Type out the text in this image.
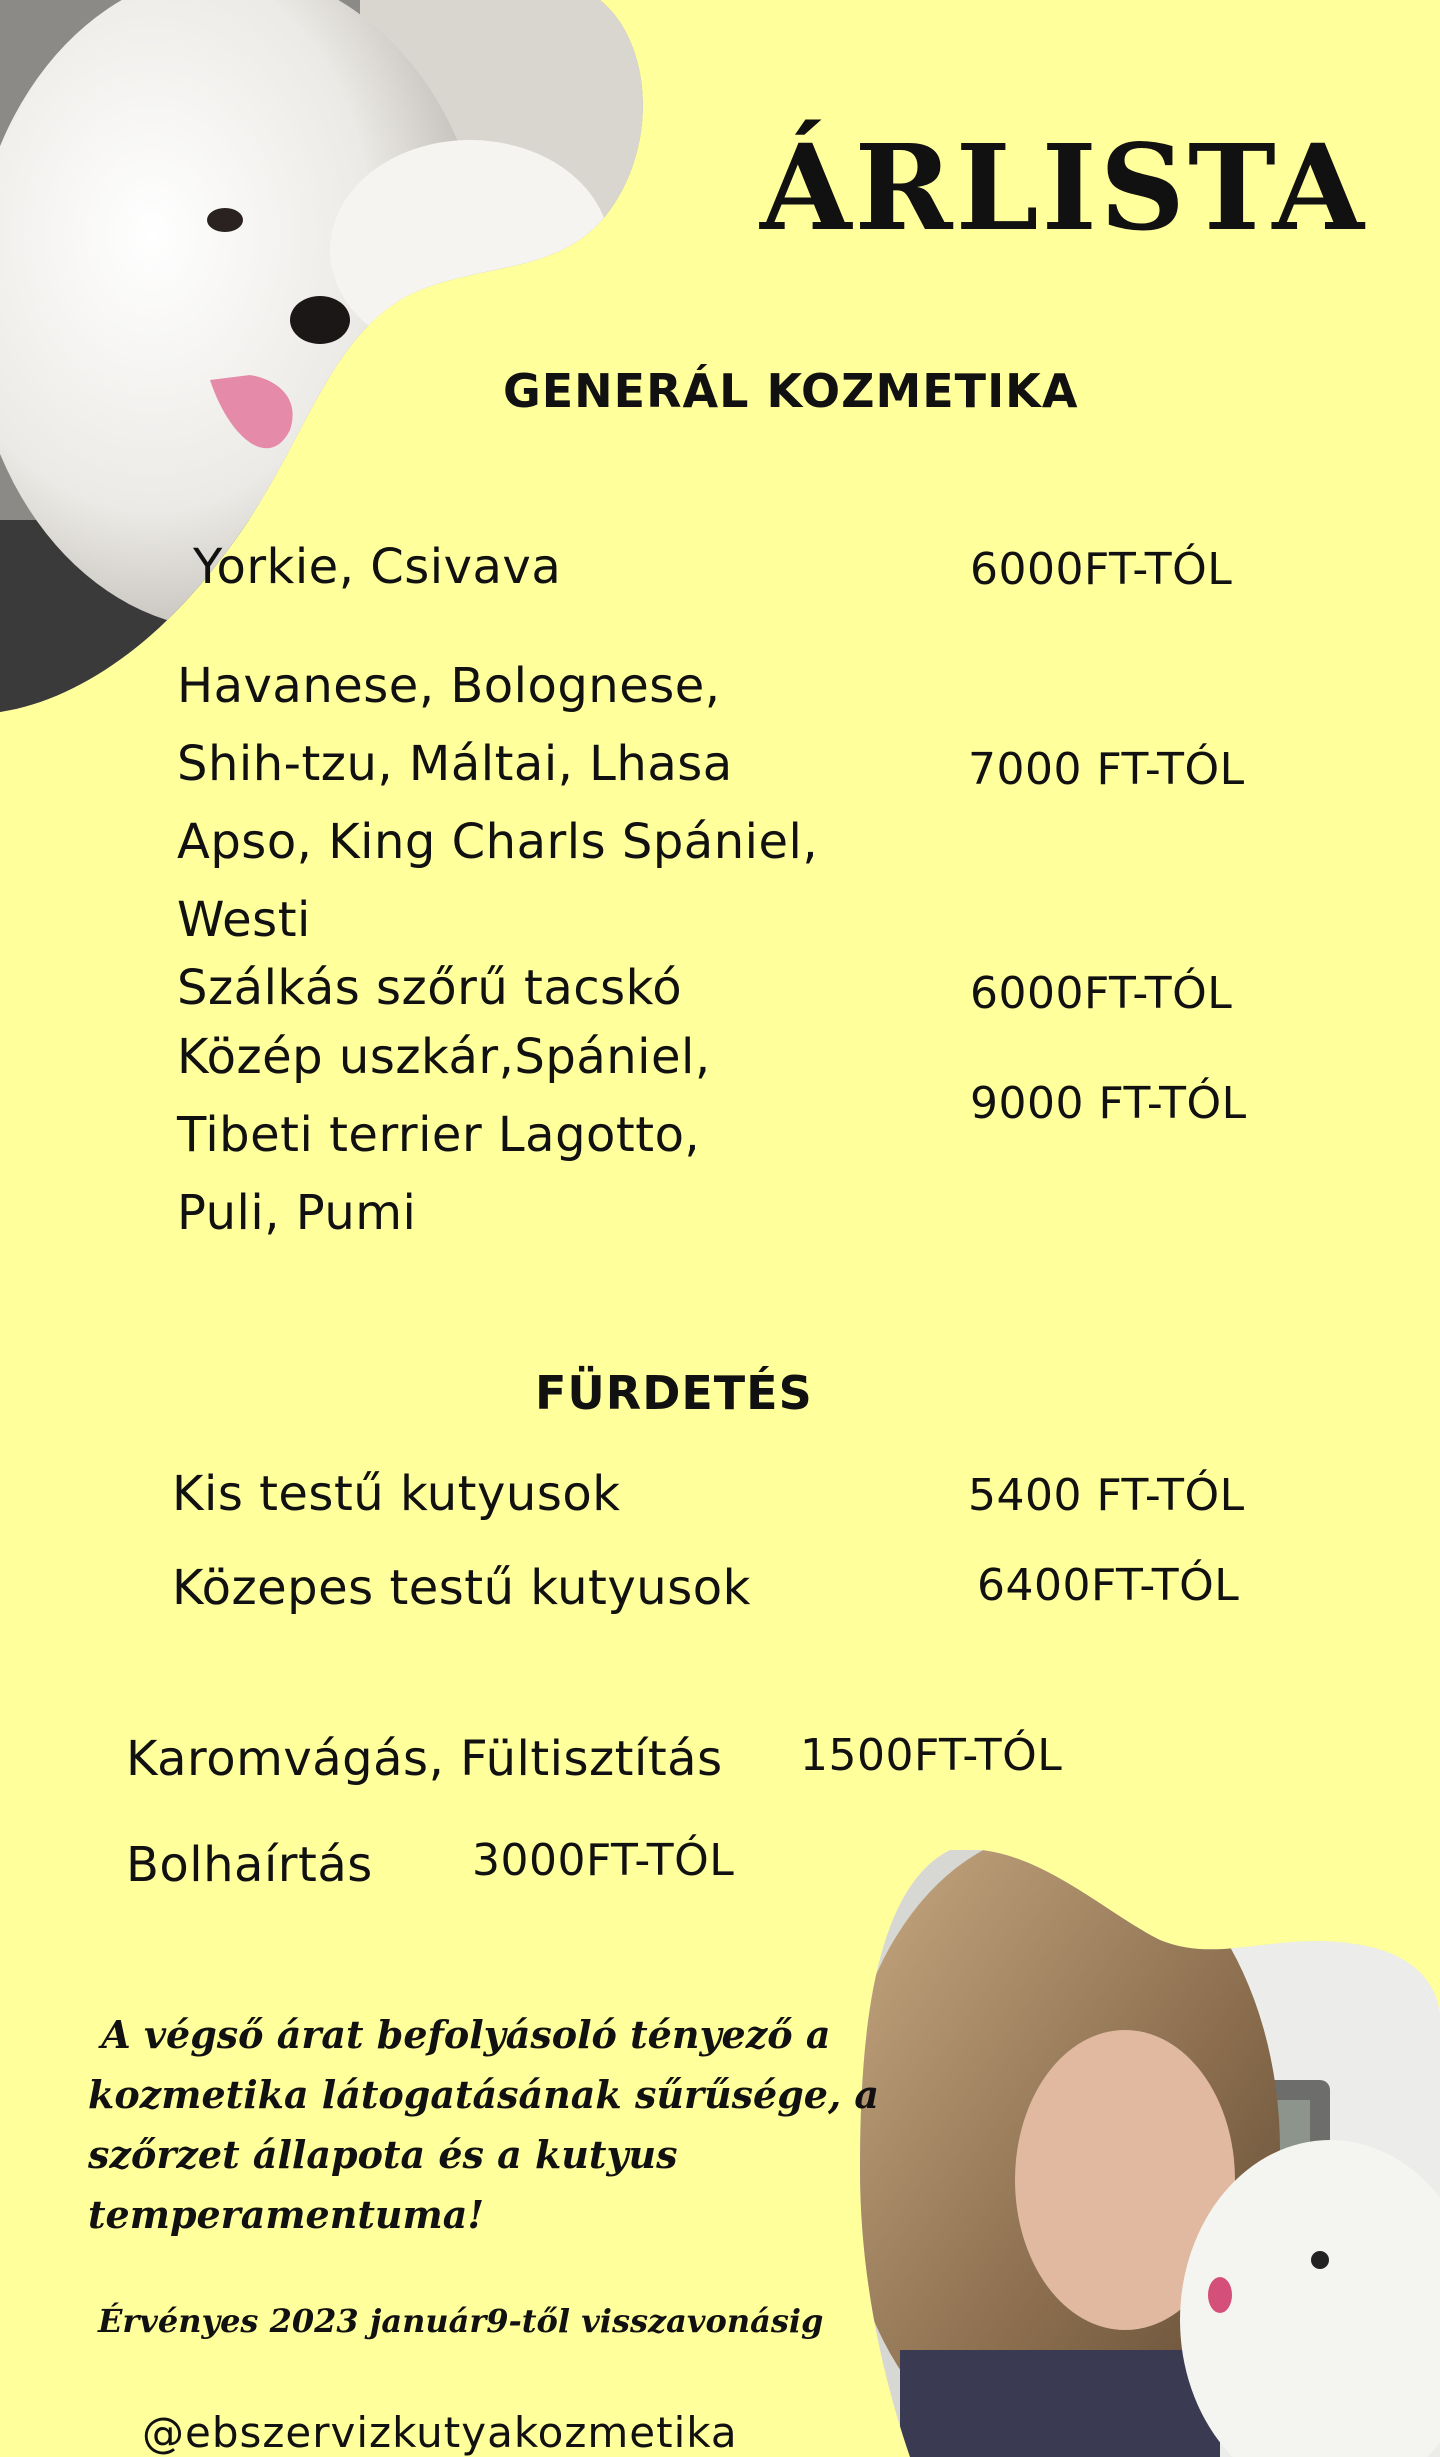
ÁRLISTA
GENERÁL KOZMETIKA
Yorkie, Csivava	6000FT-TÓL
Havanese, Bolognese,
Shih-tzu, Máltai, Lhasa
Apso, King Charls Spániel,
Westi
7000 FT-TÓL
Szálkás szőrű tacskó	6000FT-TÓL
Közép uszkár,Spániel,
Tibeti terrier Lagotto,
Puli, Pumi
9000 FT-TÓL
FÜRDETÉS
Kis testű kutyusok	5400 FT-TÓL
Közepes testű kutyusok	6400FT-TÓL
Karomvágás, Fültisztítás 1500FT-TÓL
Bolhaírtás 3000FT-TÓL
A végső árat befolyásoló tényező a
kozmetika látogatásának sűrűsége, a
szőrzet állapota és a kutyus
temperamentuma!
Érvényes 2023 január9-től visszavonásig
@ebszervizkutyakozmetika
